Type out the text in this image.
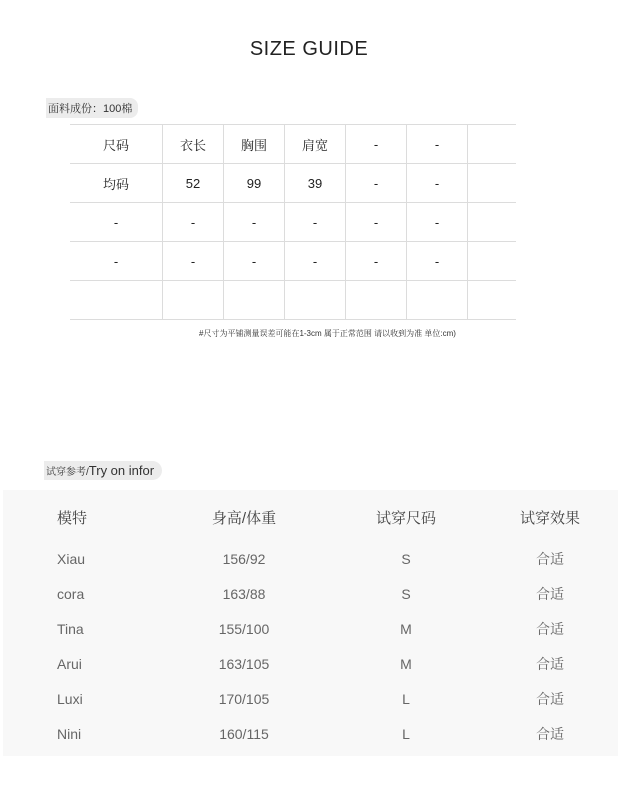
SIZE GUIDE
面料成份：100棉
尺码	衣长	胸围	肩宽	-	-	
均码	52	99	39	-	-	
-	-	-	-	-	-	
-	-	-	-	-	-	

#尺寸为平铺测量误差可能在1-3cm 属于正常范围 请以收到为准 单位:cm)
试穿参考/Try on infor
模特	身高/体重	试穿尺码	试穿效果
Xiau	156/92	S	合适
cora	163/88	S	合适
Tina	155/100	M	合适
Arui	163/105	M	合适
Luxi	170/105	L	合适
Nini	160/115	L	合适
